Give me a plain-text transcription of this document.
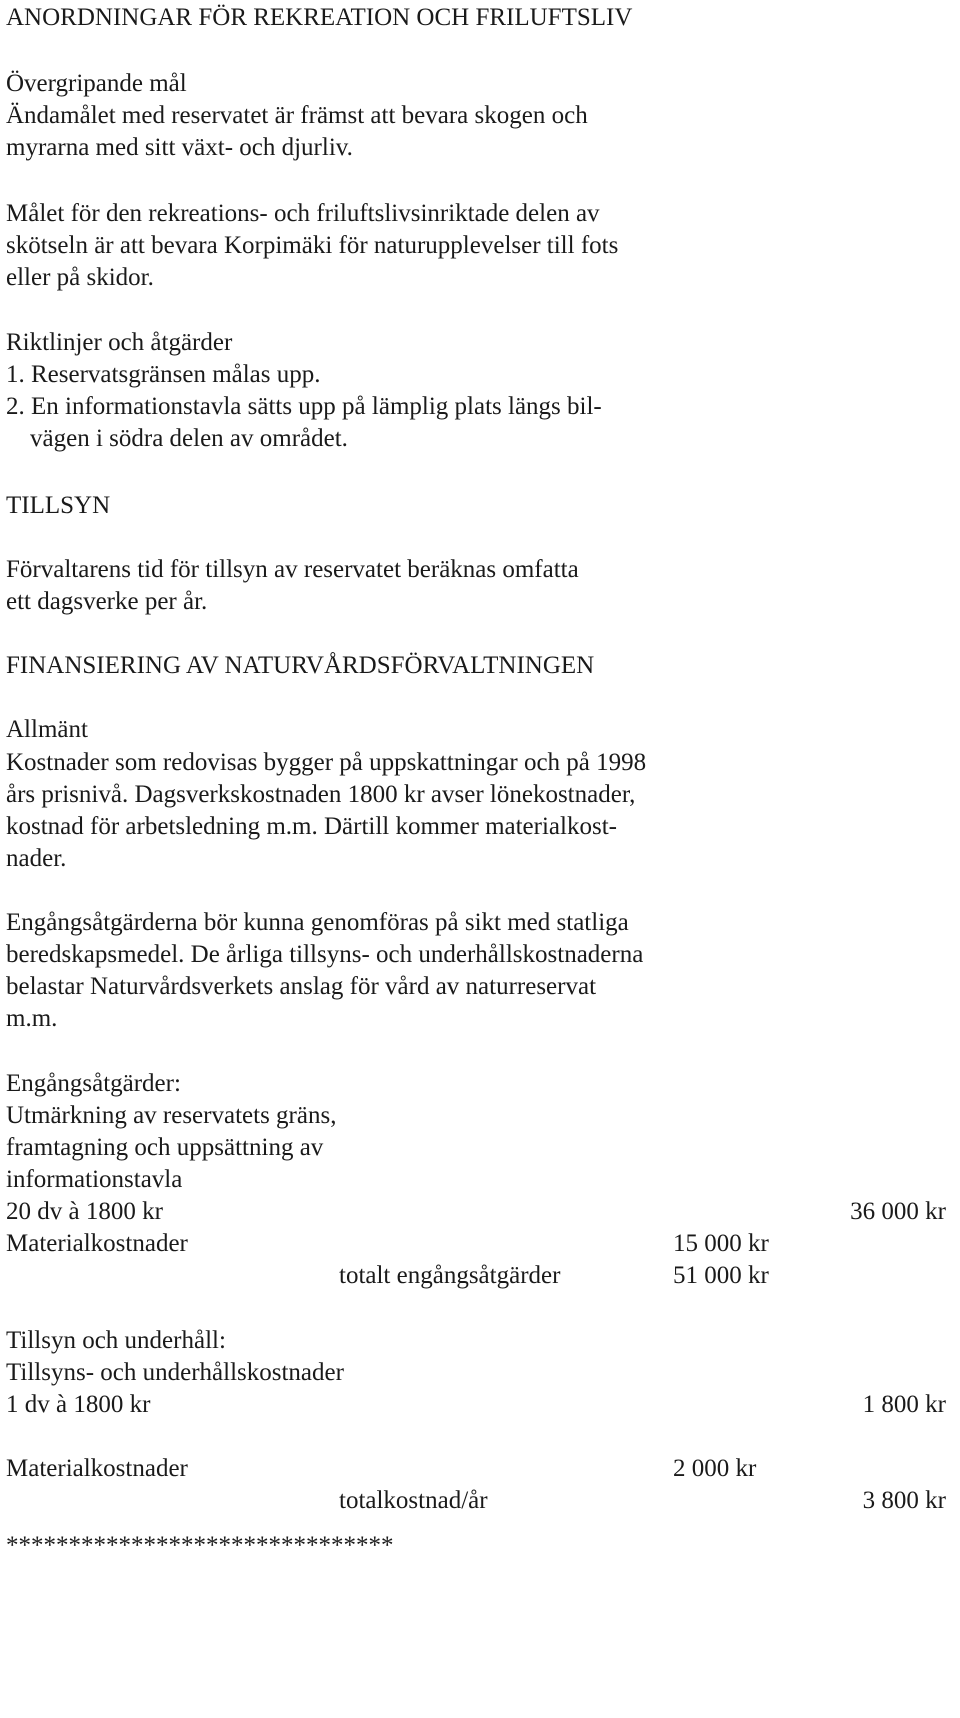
ANORDNINGAR FÖR REKREATION OCH FRILUFTSLIV
Övergripande mål
Ändamålet med reservatet är främst att bevara skogen och
myrarna med sitt växt- och djurliv.
Målet för den rekreations- och friluftslivsinriktade delen av
skötseln är att bevara Korpimäki för naturupplevelser till fots
eller på skidor.
Riktlinjer och åtgärder
1. Reservatsgränsen målas upp.
2. En informationstavla sätts upp på lämplig plats längs bil-
vägen i södra delen av området.
TILLSYN
Förvaltarens tid för tillsyn av reservatet beräknas omfatta
ett dagsverke per år.
FINANSIERING AV NATURVÅRDSFÖRVALTNINGEN
Allmänt
Kostnader som redovisas bygger på uppskattningar och på 1998
års prisnivå. Dagsverkskostnaden 1800 kr avser lönekostnader,
kostnad för arbetsledning m.m. Därtill kommer materialkost-
nader.
Engångsåtgärderna bör kunna genomföras på sikt med statliga
beredskapsmedel. De årliga tillsyns- och underhållskostnaderna
belastar Naturvårdsverkets anslag för vård av naturreservat
m.m.
Engångsåtgärder:
Utmärkning av reservatets gräns,
framtagning och uppsättning av
informationstavla
20 dv à 1800 kr	36 000 kr
Materialkostnader	15 000 kr
totalt engångsåtgärder	51 000 kr
Tillsyn och underhåll:
Tillsyns- och underhållskostnader
1 dv à 1800 kr	1 800 kr
Materialkostnader	2 000 kr
totalkostnad/år	3 800 kr
*******************************
